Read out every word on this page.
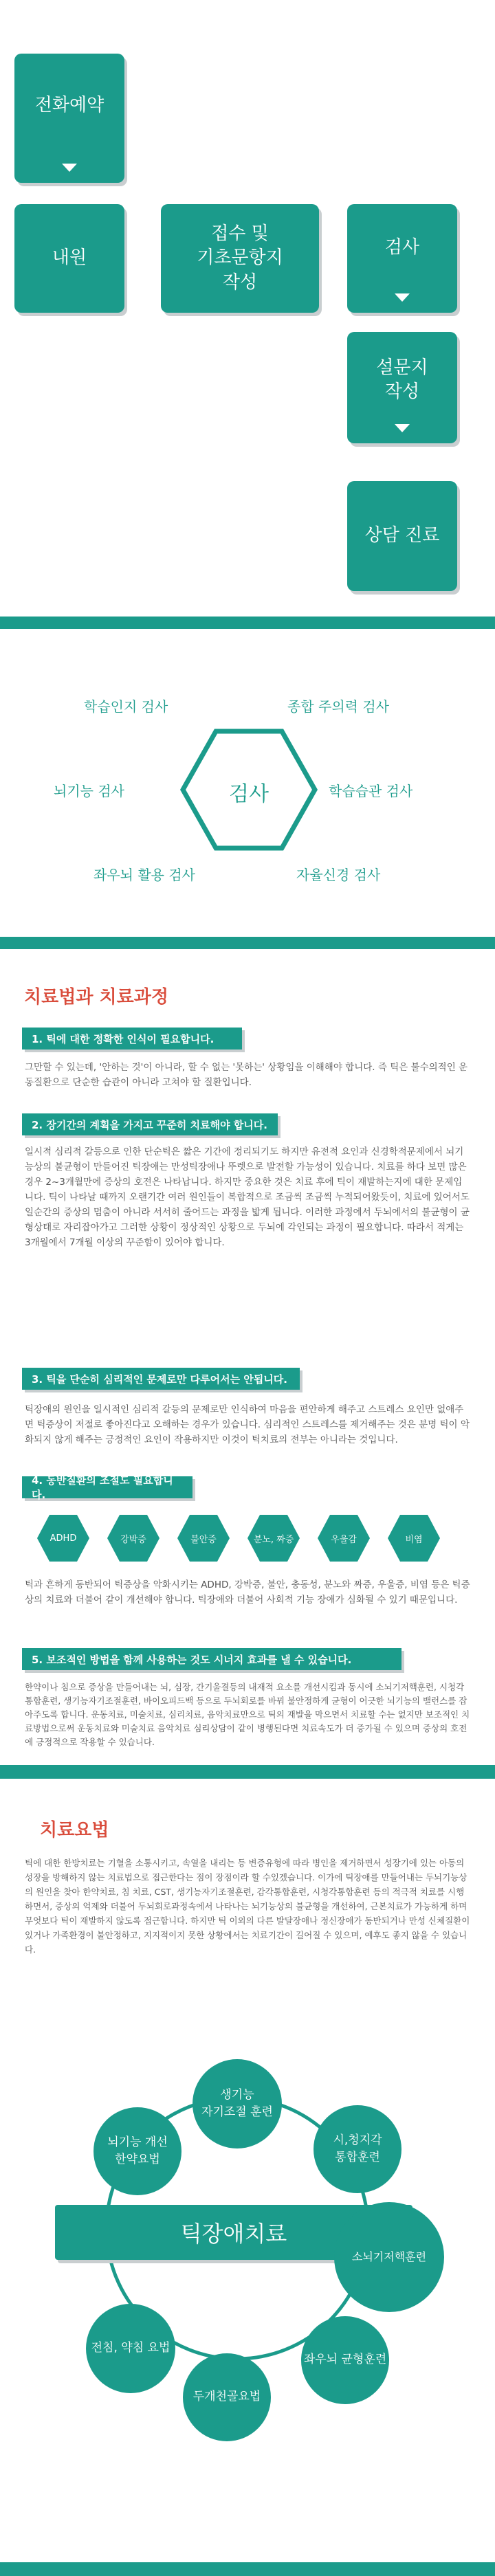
전화예약
내원
접수 및
기초문항지
작성
검사
설문지
작성
상담 진료
검사
학습인지 검사	종합 주의력 검사
뇌기능 검사	학습습관 검사
좌우뇌 활용 검사	자율신경 검사
치료법과 치료과정
1. 틱에 대한 정확한 인식이 필요합니다.
그만할 수 있는데, '안하는 것'이 아니라, 할 수 없는 '못하는' 상황임을 이해해야 합니다. 즉 틱은 불수의적인 운동질환으로 단순한 습관이 아니라 고쳐야 할 질환입니다.
2. 장기간의 계획을 가지고 꾸준히 치료해야 합니다.
일시적 심리적 갈등으로 인한 단순틱은 짧은 기간에 정리되기도 하지만 유전적 요인과 신경학적문제에서 뇌기능상의 불균형이 만들어진 틱장애는 만성틱장애나 뚜렛으로 발전할 가능성이 있습니다. 치료를 하다 보면 많은 경우 2~3개월만에 증상의 호전은 나타납니다. 하지만 중요한 것은 치료 후에 틱이 재발하는지에 대한 문제입니다. 틱이 나타날 때까지 오랜기간 여러 원인들이 복합적으로 조금씩 조금씩 누적되어왔듯이, 치료에 있어서도 일순간의 증상의 멈춤이 아니라 서서히 줄어드는 과정을 밟게 됩니다. 이러한 과정에서 두뇌에서의 불균형이 균형상태로 자리잡아가고 그러한 상황이 정상적인 상황으로 두뇌에 각인되는 과정이 필요합니다. 따라서 적게는 3개월에서 7개월 이상의 꾸준함이 있어야 합니다.
3. 틱을 단순히 심리적인 문제로만 다루어서는 안됩니다.
틱장애의 원인을 일시적인 심리적 갈등의 문제로만 인식하여 마음을 편안하게 해주고 스트레스 요인만 없애주면 틱증상이 저절로 좋아진다고 오해하는 경우가 있습니다. 심리적인 스트레스를 제거해주는 것은 분명 틱이 악화되지 않게 해주는 긍정적인 요인이 작용하지만 이것이 틱치료의 전부는 아니라는 것입니다.
4. 동반질환의 조절도 필요합니다.
ADHD	강박증	불안증	분노, 짜증	우울감	비염
틱과 흔하게 동반되어 틱증상을 악화시키는 ADHD, 강박증, 불안, 충동성, 분노와 짜증, 우울증, 비염 등은 틱증상의 치료와 더불어 같이 개선해야 합니다. 틱장애와 더불어 사회적 기능 장애가 심화될 수 있기 때문입니다.
5. 보조적인 방법을 함께 사용하는 것도 시너지 효과를 낼 수 있습니다.
한약이나 침으로 증상을 만들어내는 뇌, 심장, 간기울결등의 내재적 요소를 개선시킴과 동시에 소뇌기저핵훈련, 시청각통합훈련, 생기능자기조절훈련, 바이오피드백 등으로 두뇌회로를 바꿔 불안정하게 균형이 어긋한 뇌기능의 밸런스를 잡아주도록 합니다. 운동치료, 미술치료, 심리치료, 음악치료만으로 틱의 재발을 막으면서 치료할 수는 없지만 보조적인 치료방법으로써 운동치료와 미술치료 음악치료 심리상담이 같이 병행된다면 치료속도가 더 증가될 수 있으며 증상의 호전에 긍정적으로 작용할 수 있습니다.
치료요법
틱에 대한 한방치료는 기혈을 소통시키고, 속열을 내리는 등 변증유형에 따라 병인을 제거하면서 성장기에 있는 아동의 성장을 방해하지 않는 치료법으로 접근한다는 점이 장점이라 할 수있겠습니다. 이가에 틱장애를 만들어내는 두뇌기능상의 원인을 찾아 한약치료, 침 치료, CST, 생기능자기조절훈련, 감각통합훈련, 시청각통합훈련 등의 적극적 치료를 시행하면서, 증상의 억제와 더불어 두뇌회로과정속에서 나타나는 뇌기능상의 불균형을 개선하여, 근본치료가 가능하게 하며 무엇보다 틱이 재발하지 않도록 접근합니다. 하지만 틱 이외의 다른 발달장애나 정신장애가 동반되거나 만성 신체질환이 있거나 가족환경이 불안정하고, 지지적이지 못한 상황에서는 치료기간이 길어질 수 있으며, 예후도 좋지 않을 수 있습니다.
틱장애치료
생기능
자기조절 훈련
시,청지각
통합훈련
소뇌기저핵훈련
좌우뇌 균형훈련
두개천골요법
전침, 약침 요법
뇌기능 개선
한약요법
